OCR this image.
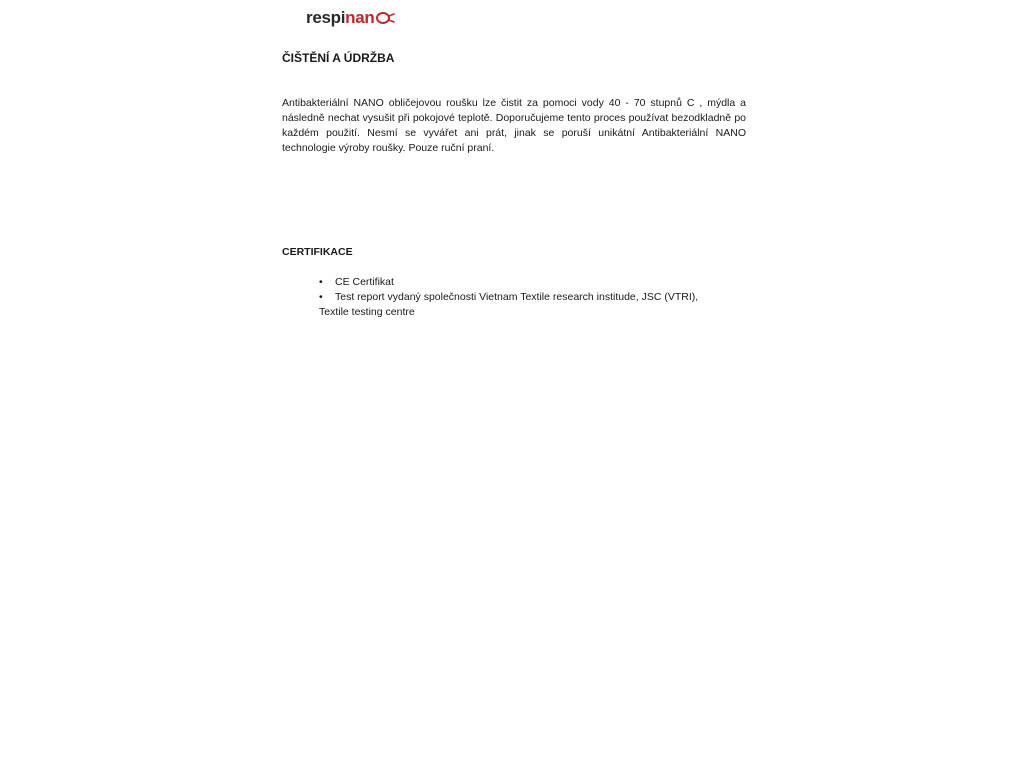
respinan
ČIŠTĚNÍ A ÚDRŽBA

Antibakteriální NANO obličejovou roušku lze čistit za pomoci vody 40 - 70 stupnů C , mýdla a následně nechat vysušit při pokojové teplotě. Doporučujeme tento proces používat bezodkladně po každém použití. Nesmí se vyvářet ani prát, jinak se poruší unikátní Antibakteriální NANO technologie výroby roušky. Pouze ruční praní.

CERTIFIKACE
• CE Certifikat
• Test report vydaný společnosti Vietnam Textile research institude, JSC (VTRI),
Textile testing centre
